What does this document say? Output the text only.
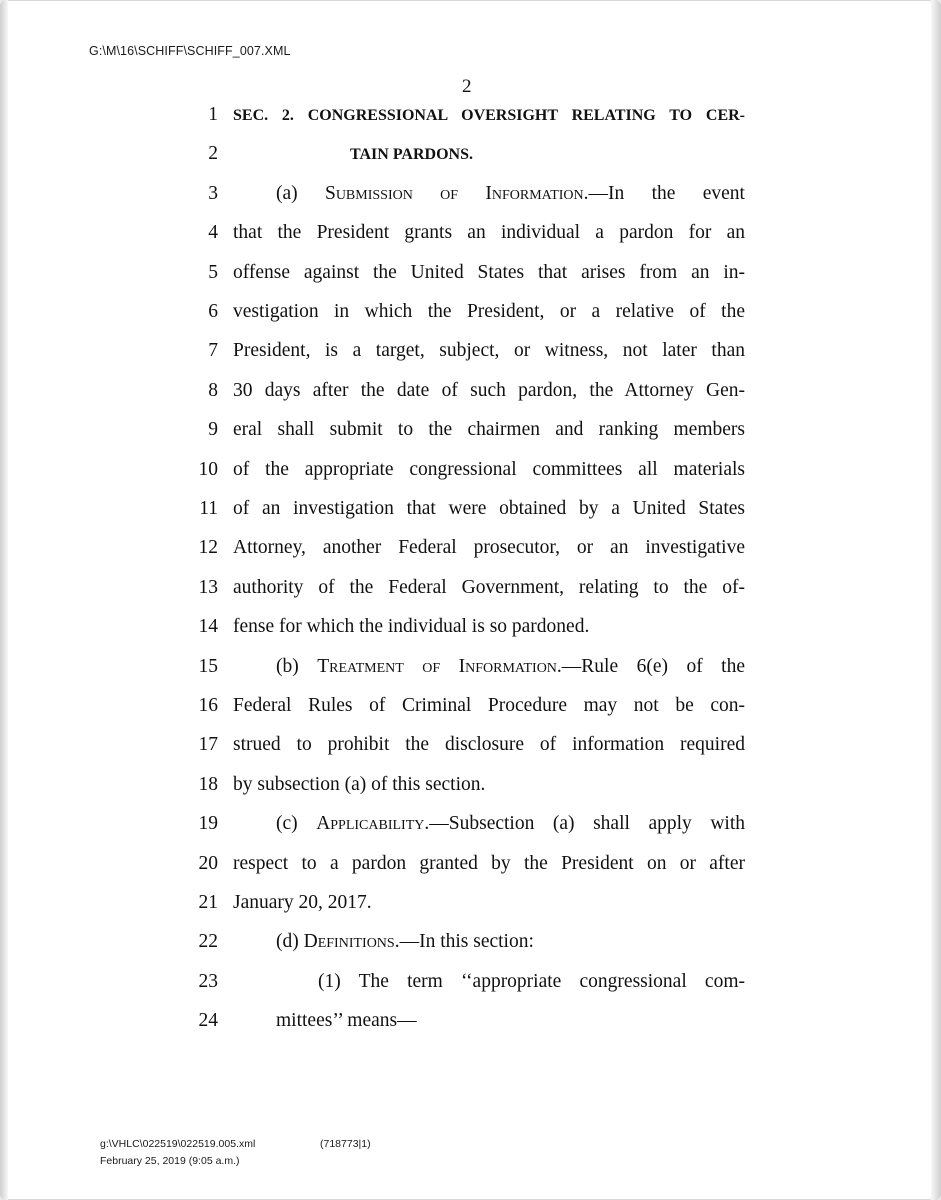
G:\M\16\SCHIFF\SCHIFF_007.XML
2
1 SEC. 2. CONGRESSIONAL OVERSIGHT RELATING TO CER-
2	TAIN PARDONS.
3	(a) Submission of Information.—In the event
4 that the President grants an individual a pardon for an
5 offense against the United States that arises from an in-
6 vestigation in which the President, or a relative of the
7 President, is a target, subject, or witness, not later than
8 30 days after the date of such pardon, the Attorney Gen-
9 eral shall submit to the chairmen and ranking members
10 of the appropriate congressional committees all materials
11 of an investigation that were obtained by a United States
12 Attorney, another Federal prosecutor, or an investigative
13 authority of the Federal Government, relating to the of-
14 fense for which the individual is so pardoned.
15	(b) Treatment of Information.—Rule 6(e) of the
16 Federal Rules of Criminal Procedure may not be con-
17 strued to prohibit the disclosure of information required
18 by subsection (a) of this section.
19	(c) Applicability.—Subsection (a) shall apply with
20 respect to a pardon granted by the President on or after
21 January 20, 2017.
22	(d) Definitions.—In this section:
23	(1) The term ‘‘appropriate congressional com-
24	mittees’’ means—
g:\VHLC\022519\022519.005.xml	(718773|1)
February 25, 2019 (9:05 a.m.)
